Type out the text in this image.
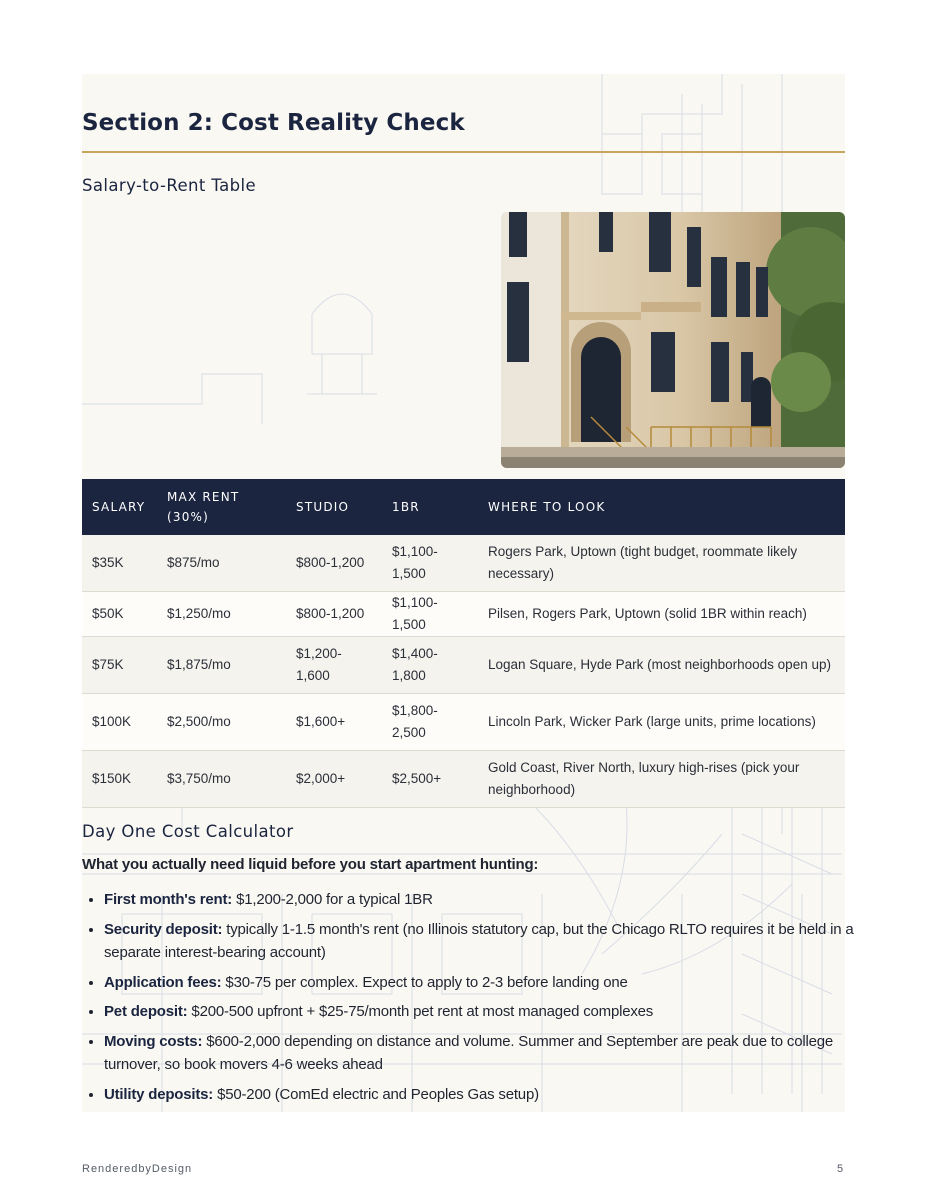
Section 2: Cost Reality Check
Salary-to-Rent Table
SALARY	MAX RENT (30%)	STUDIO	1BR	WHERE TO LOOK
$35K	$875/mo	$800-1,200	$1,100-1,500	Rogers Park, Uptown (tight budget, roommate likely necessary)
$50K	$1,250/mo	$800-1,200	$1,100-1,500	Pilsen, Rogers Park, Uptown (solid 1BR within reach)
$75K	$1,875/mo	$1,200-1,600	$1,400-1,800	Logan Square, Hyde Park (most neighborhoods open up)
$100K	$2,500/mo	$1,600+	$1,800-2,500	Lincoln Park, Wicker Park (large units, prime locations)
$150K	$3,750/mo	$2,000+	$2,500+	Gold Coast, River North, luxury high-rises (pick your neighborhood)
Day One Cost Calculator

What you actually need liquid before you start apartment hunting:

• First month's rent: $1,200-2,000 for a typical 1BR
• Security deposit: typically 1-1.5 month's rent (no Illinois statutory cap, but the Chicago RLTO requires it be held in a separate interest-bearing account)
• Application fees: $30-75 per complex. Expect to apply to 2-3 before landing one
• Pet deposit: $200-500 upfront + $25-75/month pet rent at most managed complexes
• Moving costs: $600-2,000 depending on distance and volume. Summer and September are peak due to college turnover, so book movers 4-6 weeks ahead
• Utility deposits: $50-200 (ComEd electric and Peoples Gas setup)
RenderedbyDesign	5
